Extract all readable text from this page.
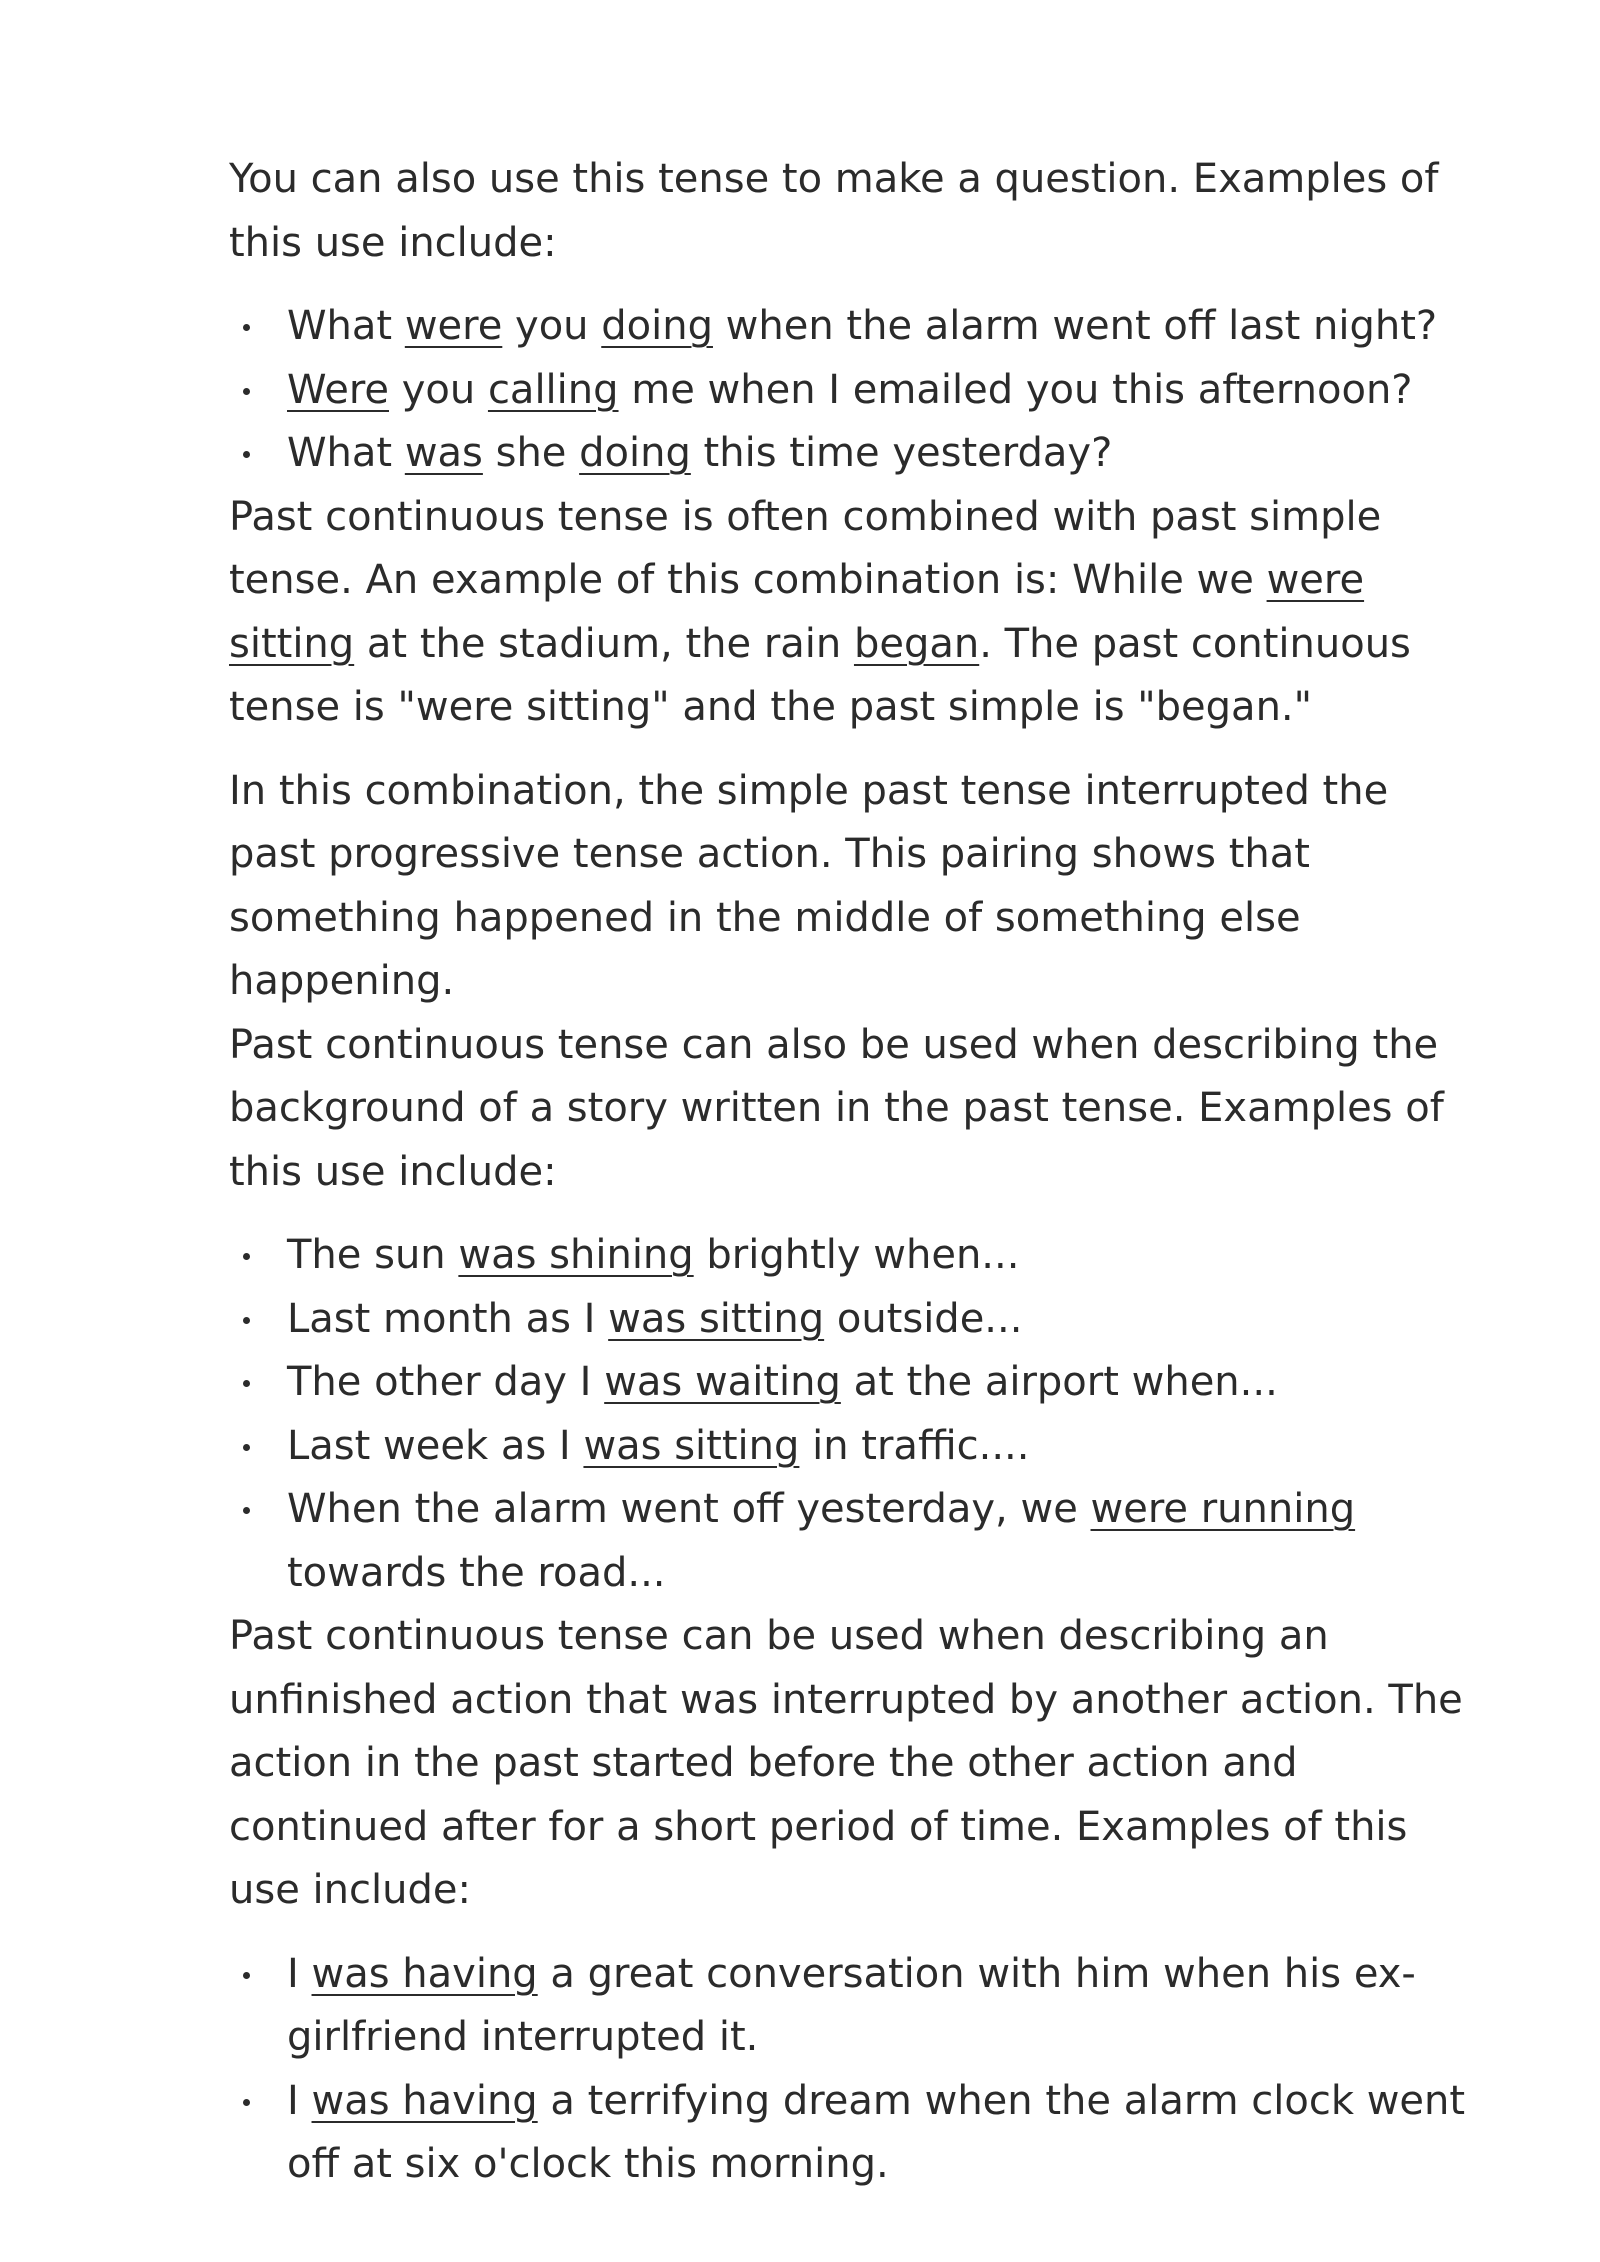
You can also use this tense to make a question. Examples of this use include:

What were you doing when the alarm went off last night?
Were you calling me when I emailed you this afternoon?
What was she doing this time yesterday?

Past continuous tense is often combined with past simple tense. An example of this combination is: While we were sitting at the stadium, the rain began. The past continuous tense is "were sitting" and the past simple is "began."

In this combination, the simple past tense interrupted the past progressive tense action. This pairing shows that something happened in the middle of something else happening.

Past continuous tense can also be used when describing the background of a story written in the past tense. Examples of this use include:

The sun was shining brightly when...
Last month as I was sitting outside...
The other day I was waiting at the airport when...
Last week as I was sitting in traffic....
When the alarm went off yesterday, we were running towards the road...

Past continuous tense can be used when describing an unfinished action that was interrupted by another action. The action in the past started before the other action and continued after for a short period of time. Examples of this use include:

I was having a great conversation with him when his ex-girlfriend interrupted it.
I was having a terrifying dream when the alarm clock went off at six o'clock this morning.
